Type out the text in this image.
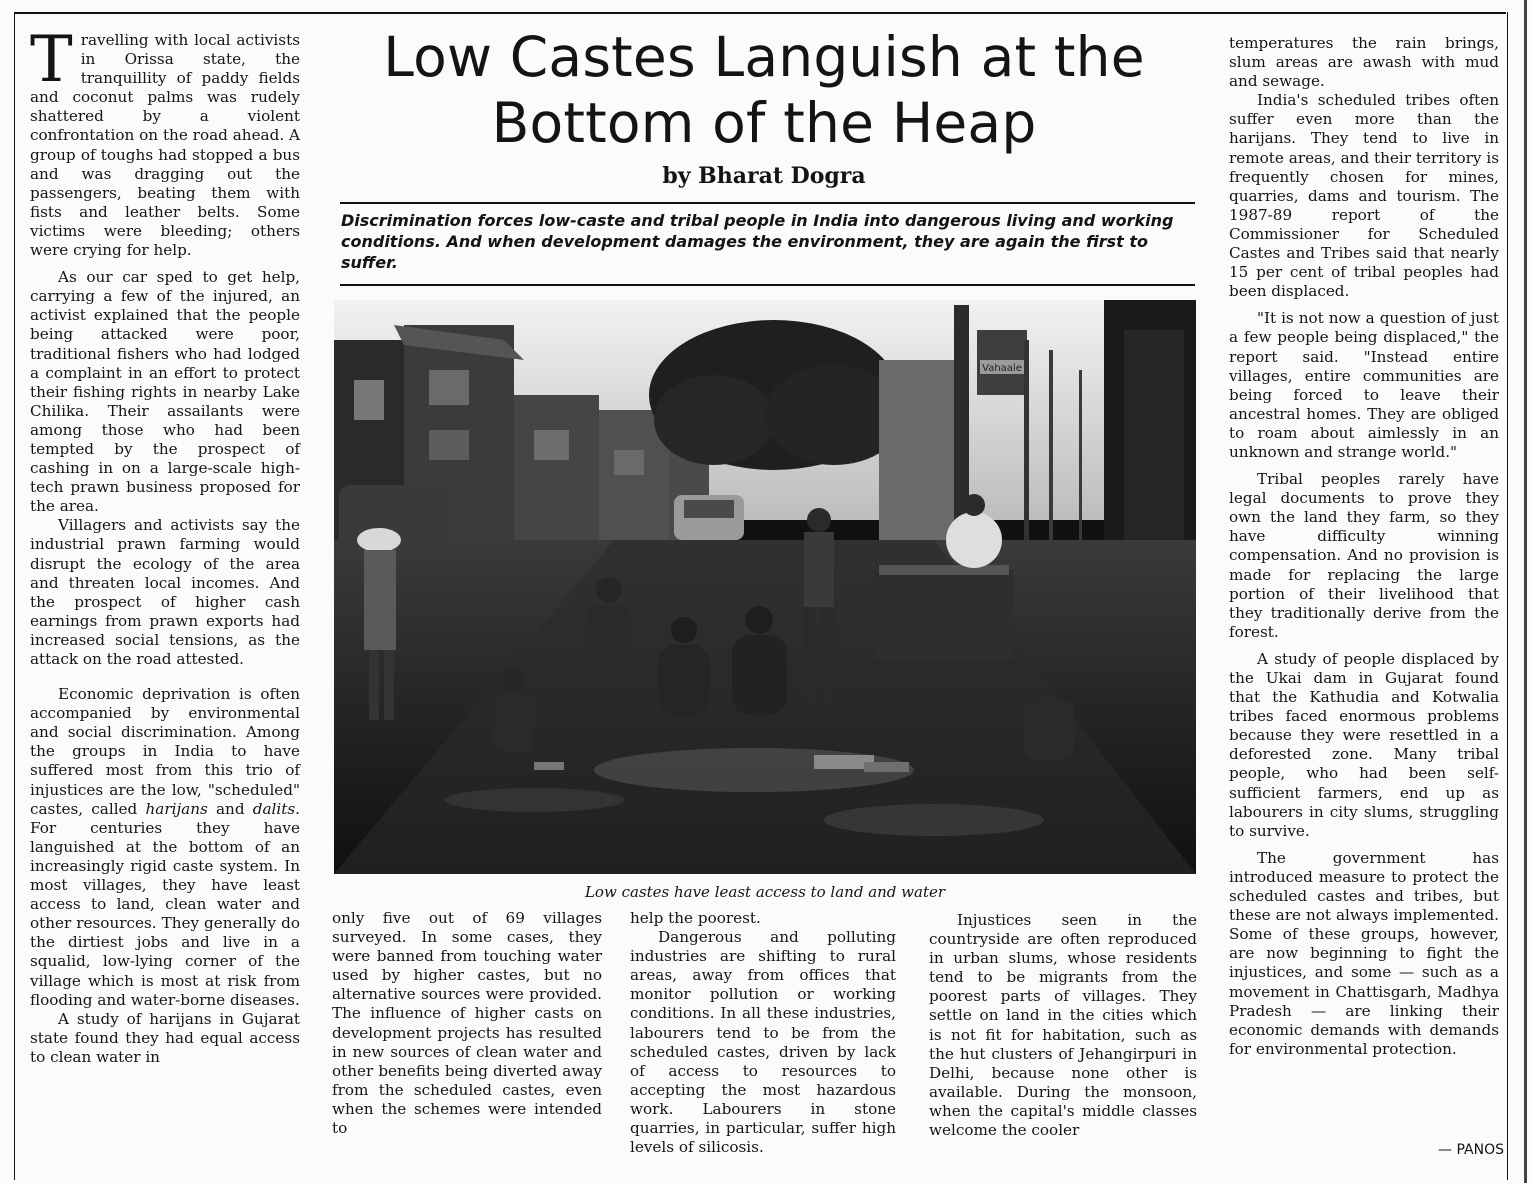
Low Castes Languish at the Bottom of the Heap
by Bharat Dogra
Discrimination forces low-caste and tribal people in India into dangerous living and working conditions. And when development damages the environment, they are again the first to suffer.
Vahaale
Low castes have least access to land and water

Travelling with local activists in Orissa state, the tranquillity of paddy fields and coconut palms was rudely shattered by a violent confrontation on the road ahead. A group of toughs had stopped a bus and was dragging out the passengers, beating them with fists and leather belts. Some victims were bleeding; others were crying for help.

As our car sped to get help, carrying a few of the injured, an activist explained that the people being attacked were poor, traditional fishers who had lodged a complaint in an effort to protect their fishing rights in nearby Lake Chilika. Their assailants were among those who had been tempted by the prospect of cashing in on a large-scale high-tech prawn business proposed for the area.

Villagers and activists say the industrial prawn farming would disrupt the ecology of the area and threaten local incomes. And the prospect of higher cash earnings from prawn exports had increased social tensions, as the attack on the road attested.

Economic deprivation is often accompanied by environmental and social discrimination. Among the groups in India to have suffered most from this trio of injustices are the low, "scheduled" castes, called harijans and dalits. For centuries they have languished at the bottom of an increasingly rigid caste system. In most villages, they have least access to land, clean water and other resources. They generally do the dirtiest jobs and live in a squalid, low-lying corner of the village which is most at risk from flooding and water-borne diseases.

A study of harijans in Gujarat state found they had equal access to clean water in

only five out of 69 villages surveyed. In some cases, they were banned from touching water used by higher castes, but no alternative sources were provided. The influence of higher casts on development projects has resulted in new sources of clean water and other benefits being diverted away from the scheduled castes, even when the schemes were intended to

help the poorest.

Dangerous and polluting industries are shifting to rural areas, away from offices that monitor pollution or working conditions. In all these industries, labourers tend to be from the scheduled castes, driven by lack of access to resources to accepting the most hazardous work. Labourers in stone quarries, in particular, suffer high levels of silicosis.

Injustices seen in the countryside are often reproduced in urban slums, whose residents tend to be migrants from the poorest parts of villages. They settle on land in the cities which is not fit for habitation, such as the hut clusters of Jehangirpuri in Delhi, because none other is available. During the monsoon, when the capital's middle classes welcome the cooler

temperatures the rain brings, slum areas are awash with mud and sewage.

India's scheduled tribes often suffer even more than the harijans. They tend to live in remote areas, and their territory is frequently chosen for mines, quarries, dams and tourism. The 1987-89 report of the Commissioner for Scheduled Castes and Tribes said that nearly 15 per cent of tribal peoples had been displaced.

"It is not now a question of just a few people being displaced," the report said. "Instead entire villages, entire communities are being forced to leave their ancestral homes. They are obliged to roam about aimlessly in an unknown and strange world."

Tribal peoples rarely have legal documents to prove they own the land they farm, so they have difficulty winning compensation. And no provision is made for replacing the large portion of their livelihood that they traditionally derive from the forest.

A study of people displaced by the Ukai dam in Gujarat found that the Kathudia and Kotwalia tribes faced enormous problems because they were resettled in a deforested zone. Many tribal people, who had been self-sufficient farmers, end up as labourers in city slums, struggling to survive.

The government has introduced measure to protect the scheduled castes and tribes, but these are not always implemented. Some of these groups, however, are now beginning to fight the injustices, and some — such as a movement in Chattisgarh, Madhya Pradesh — are linking their economic demands with demands for environmental protection.

— PANOS
